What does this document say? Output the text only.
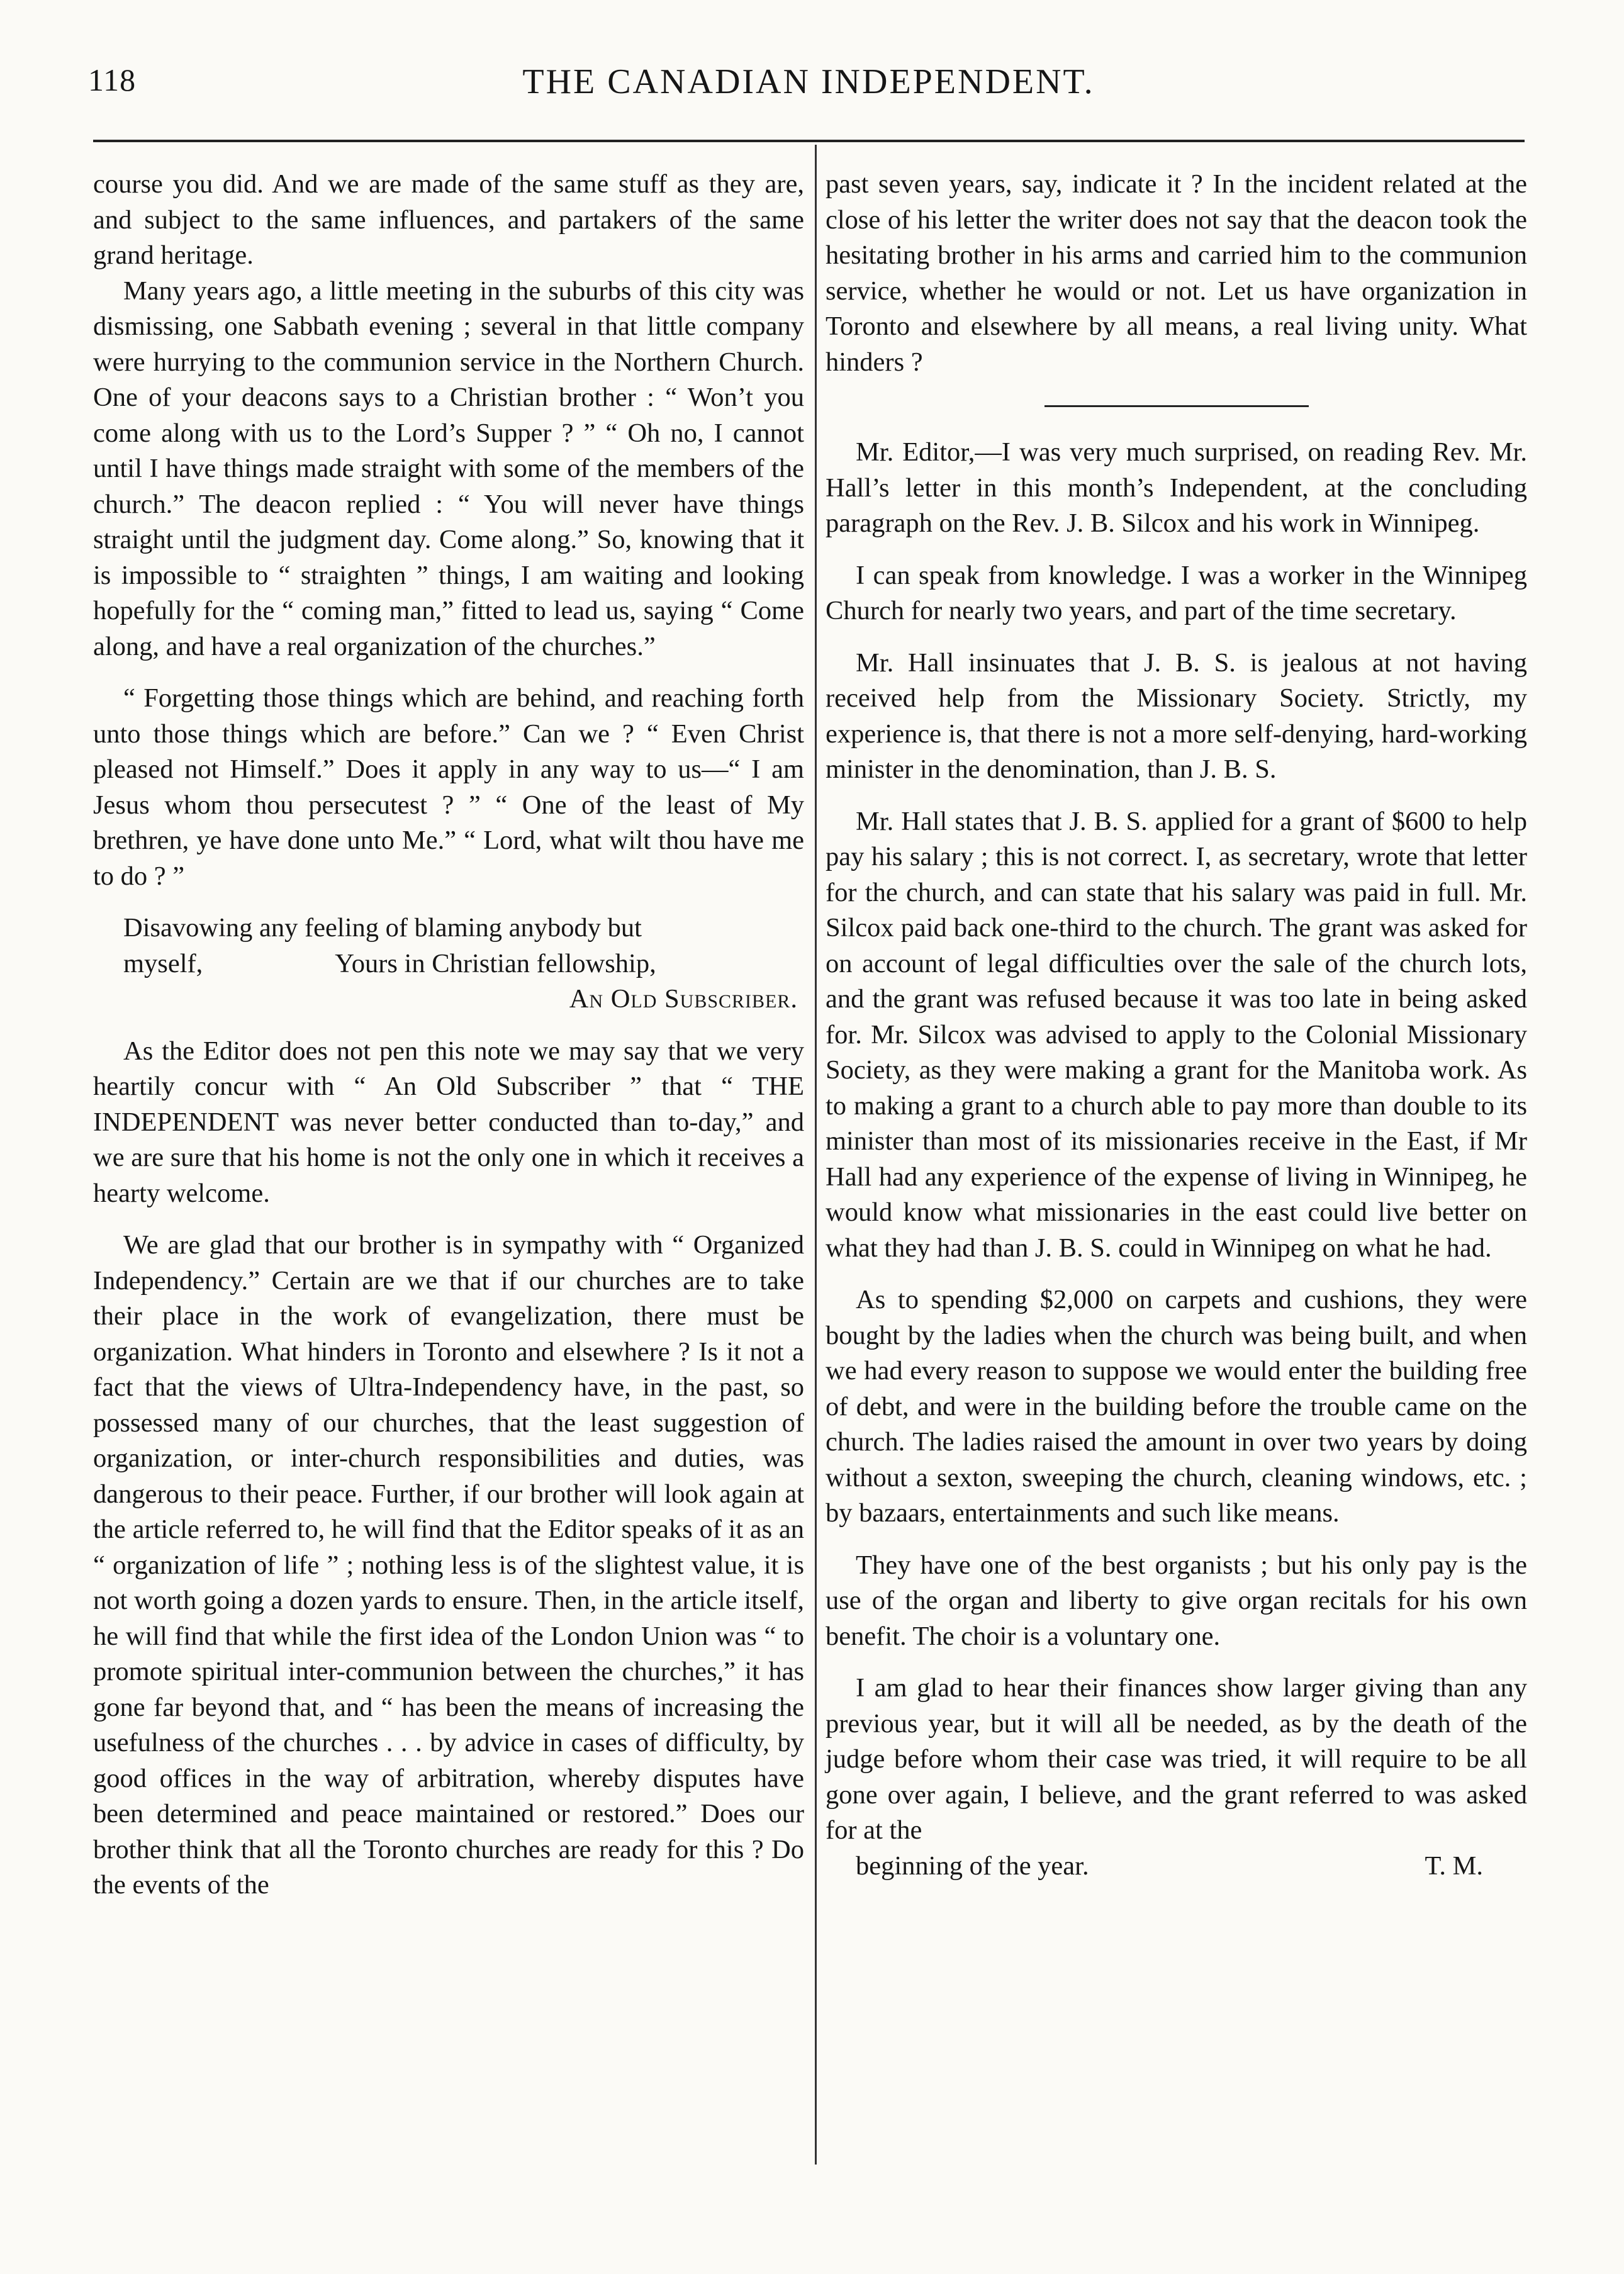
118	THE CANADIAN INDEPENDENT.

course you did. And we are made of the same stuff as they are, and subject to the same influences, and partakers of the same grand heritage.

Many years ago, a little meeting in the suburbs of this city was dismissing, one Sabbath evening ; several in that little company were hurrying to the communion service in the Northern Church. One of your deacons says to a Christian brother : “ Won’t you come along with us to the Lord’s Supper ? ” “ Oh no, I cannot until I have things made straight with some of the members of the church.” The deacon replied : “ You will never have things straight until the judgment day. Come along.” So, knowing that it is impossible to “ straighten ” things, I am waiting and looking hopefully for the “ coming man,” fitted to lead us, saying “ Come along, and have a real organization of the churches.”

“ Forgetting those things which are behind, and reaching forth unto those things which are before.” Can we ? “ Even Christ pleased not Himself.” Does it apply in any way to us—“ I am Jesus whom thou persecutest ? ” “ One of the least of My brethren, ye have done unto Me.” “ Lord, what wilt thou have me to do ? ”

Disavowing any feeling of blaming anybody but

myself,	Yours in Christian fellowship,

An Old Subscriber.

As the Editor does not pen this note we may say that we very heartily concur with “ An Old Subscriber ” that “ THE INDEPENDENT was never better conducted than to-day,” and we are sure that his home is not the only one in which it receives a hearty welcome.

We are glad that our brother is in sympathy with “ Organized Independency.” Certain are we that if our churches are to take their place in the work of evangelization, there must be organization. What hinders in Toronto and elsewhere ? Is it not a fact that the views of Ultra-Independency have, in the past, so possessed many of our churches, that the least suggestion of organization, or inter-church responsibilities and duties, was dangerous to their peace. Further, if our brother will look again at the article referred to, he will find that the Editor speaks of it as an “ organization of life ” ; nothing less is of the slightest value, it is not worth going a dozen yards to ensure. Then, in the article itself, he will find that while the first idea of the London Union was “ to promote spiritual inter-communion between the churches,” it has gone far beyond that, and “ has been the means of increasing the usefulness of the churches . . . by advice in cases of difficulty, by good offices in the way of arbitration, whereby disputes have been determined and peace maintained or restored.” Does our brother think that all the Toronto churches are ready for this ? Do the events of the

past seven years, say, indicate it ? In the incident related at the close of his letter the writer does not say that the deacon took the hesitating brother in his arms and carried him to the communion service, whether he would or not. Let us have organization in Toronto and elsewhere by all means, a real living unity. What hinders ?

Mr. Editor,—I was very much surprised, on reading Rev. Mr. Hall’s letter in this month’s Independent, at the concluding paragraph on the Rev. J. B. Silcox and his work in Winnipeg.

I can speak from knowledge. I was a worker in the Winnipeg Church for nearly two years, and part of the time secretary.

Mr. Hall insinuates that J. B. S. is jealous at not having received help from the Missionary Society. Strictly, my experience is, that there is not a more self-denying, hard-working minister in the denomination, than J. B. S.

Mr. Hall states that J. B. S. applied for a grant of $600 to help pay his salary ; this is not correct. I, as secretary, wrote that letter for the church, and can state that his salary was paid in full. Mr. Silcox paid back one-third to the church. The grant was asked for on account of legal difficulties over the sale of the church lots, and the grant was refused because it was too late in being asked for. Mr. Silcox was advised to apply to the Colonial Missionary Society, as they were making a grant for the Manitoba work. As to making a grant to a church able to pay more than double to its minister than most of its missionaries receive in the East, if Mr Hall had any experience of the expense of living in Winnipeg, he would know what missionaries in the east could live better on what they had than J. B. S. could in Winnipeg on what he had.

As to spending $2,000 on carpets and cushions, they were bought by the ladies when the church was being built, and when we had every reason to suppose we would enter the building free of debt, and were in the building before the trouble came on the church. The ladies raised the amount in over two years by doing without a sexton, sweeping the church, cleaning windows, etc. ; by bazaars, entertainments and such like means.

They have one of the best organists ; but his only pay is the use of the organ and liberty to give organ recitals for his own benefit. The choir is a voluntary one.

I am glad to hear their finances show larger giving than any previous year, but it will all be needed, as by the death of the judge before whom their case was tried, it will require to be all gone over again, I believe, and the grant referred to was asked for at the

beginning of the year.	T. M.
